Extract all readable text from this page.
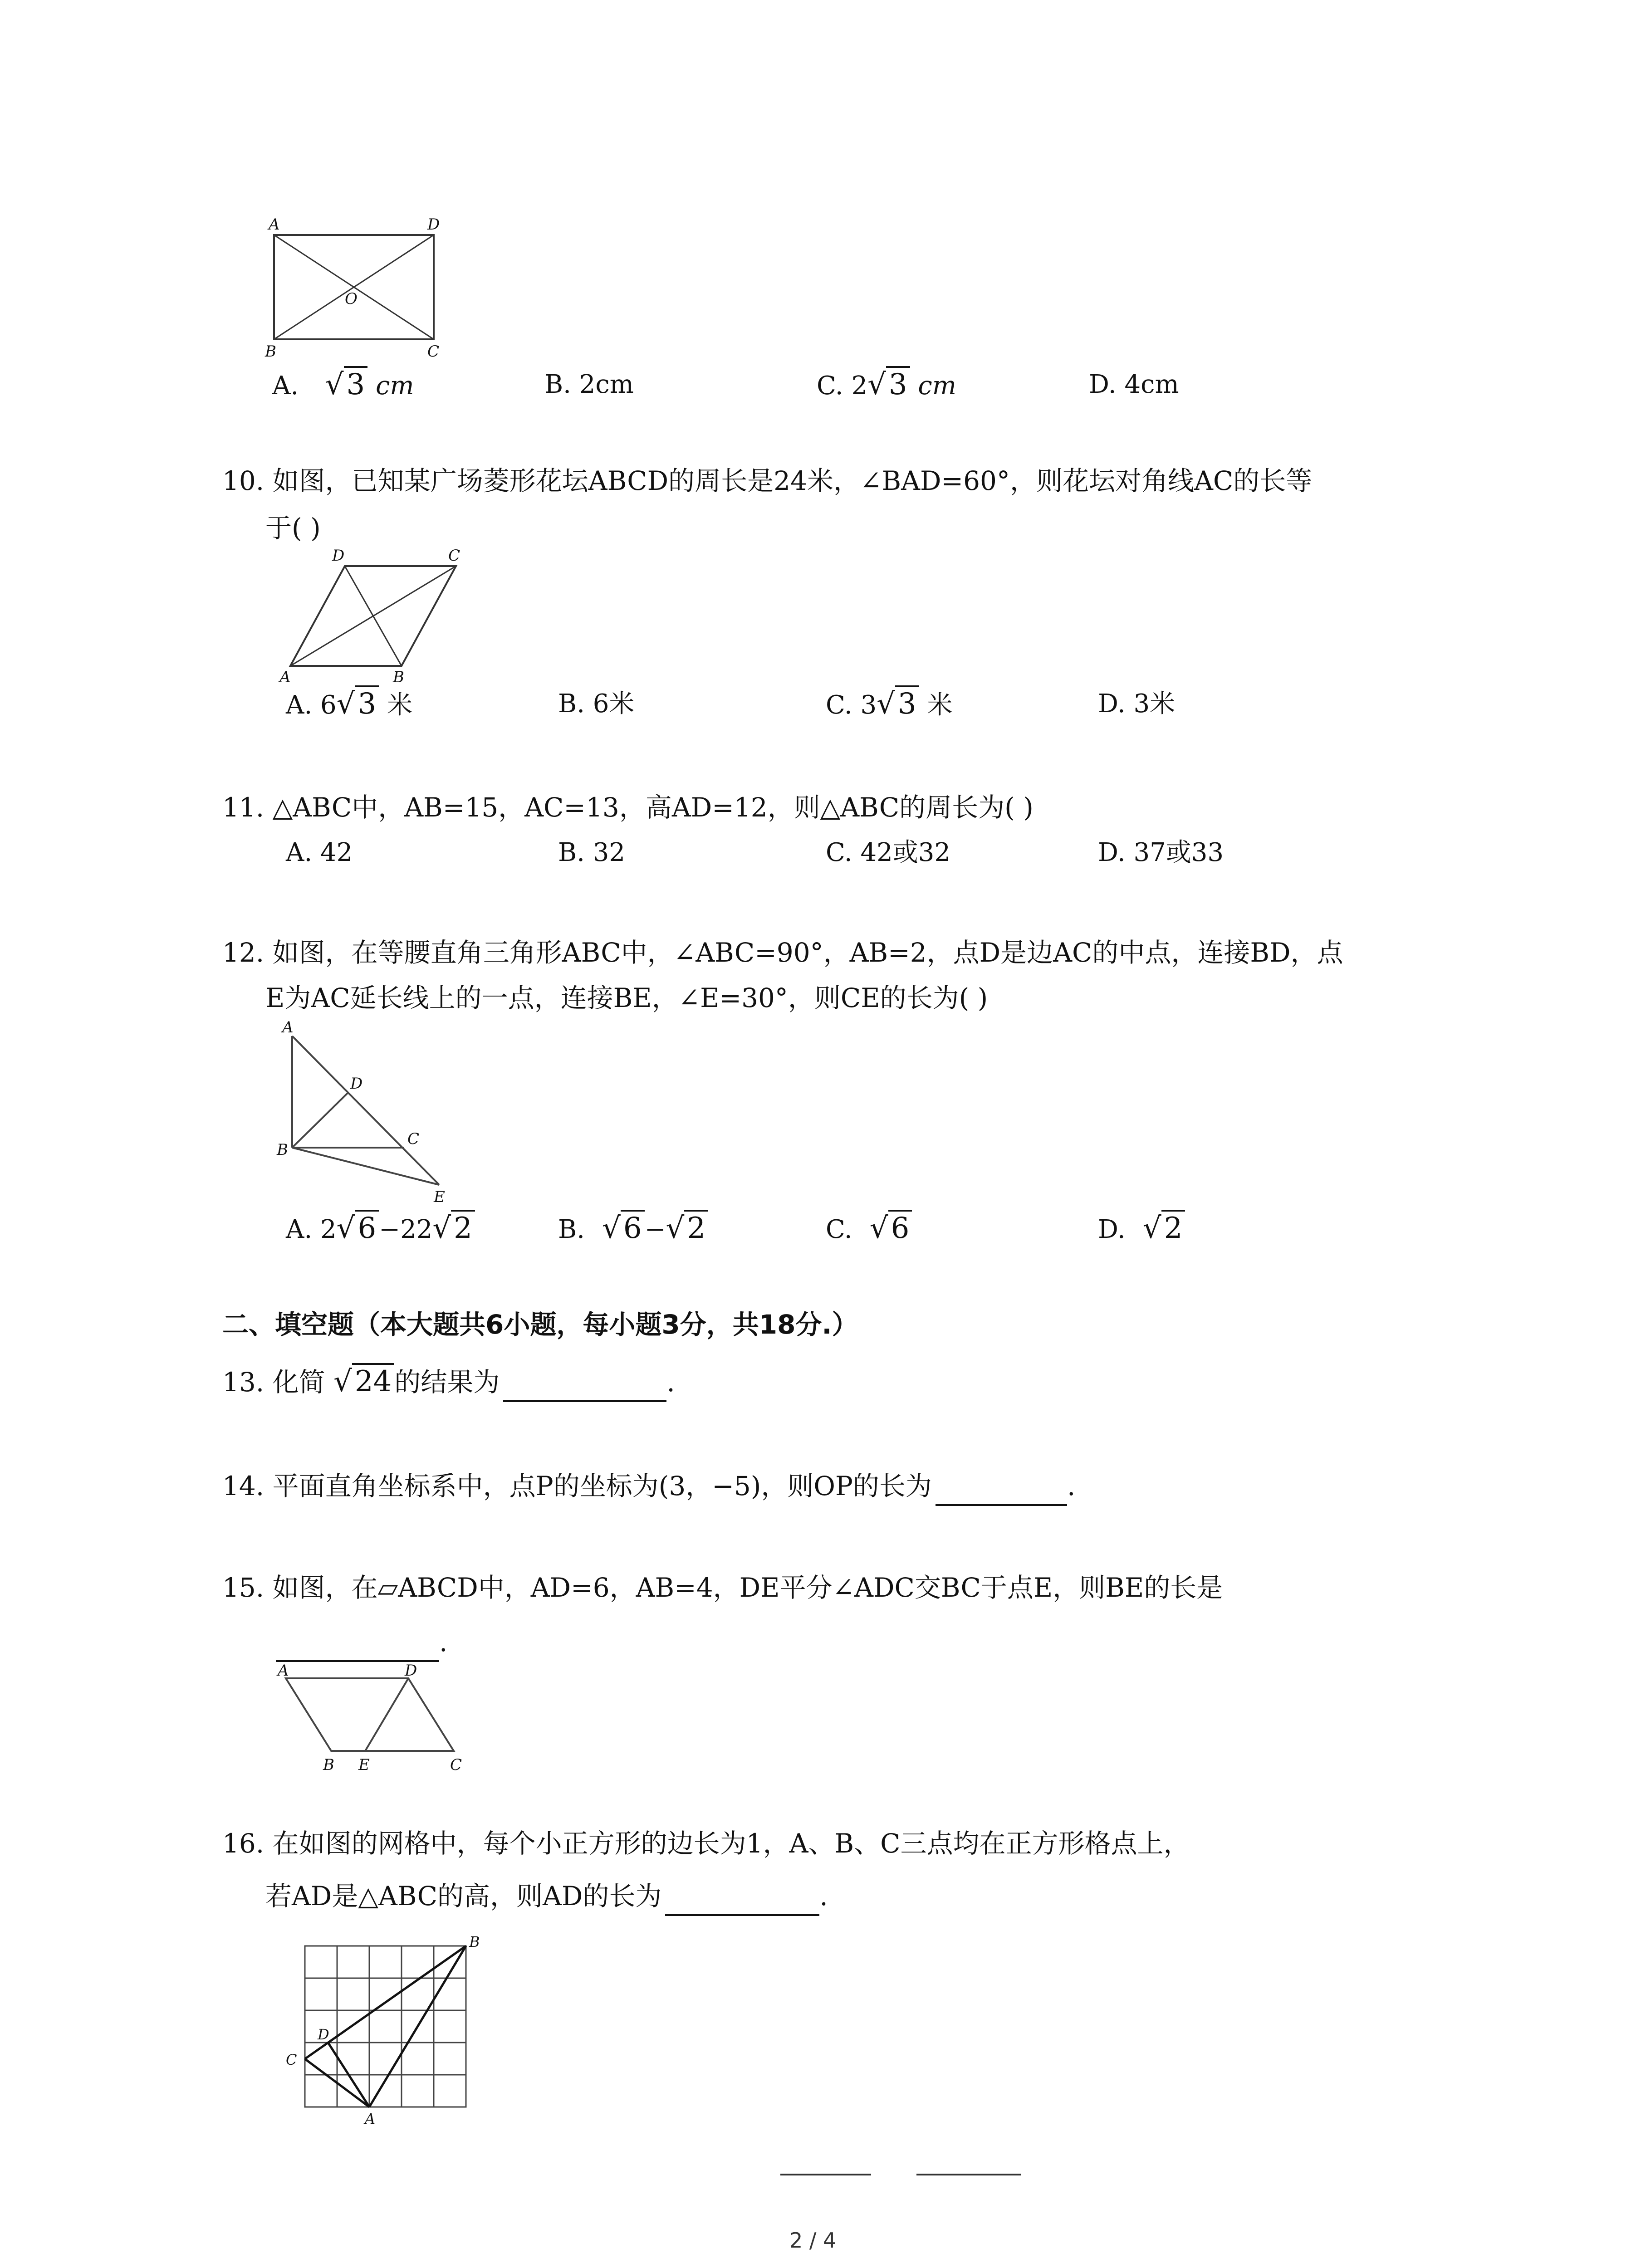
A	D
O
B	C
A.   √3 cm	B. 2cm	C. 2√3 cm	D. 4cm
10. 如图，已知某广场菱形花坛ABCD的周长是24米，∠BAD=60°，则花坛对角线AC的长等
于( )
D	C
A	B
A. 6√3 米	B. 6米	C. 3√3 米	D. 3米
11. △ABC中，AB=15，AC=13，高AD=12，则△ABC的周长为( )
A. 42	B. 32	C. 42或32	D. 37或33
12. 如图，在等腰直角三角形ABC中，∠ABC=90°，AB=2，点D是边AC的中点，连接BD，点
E为AC延长线上的一点，连接BE，∠E=30°，则CE的长为( )
A
D
B
C
E
A. 2√6 −22√2	B.  √6 −√2	C.  √6	D.  √2
二、填空题（本大题共6小题，每小题3分，共18分.）
13. 化简 √24 的结果为	.
14. 平面直角坐标系中，点P的坐标为(3，−5)，则OP的长为	.
15. 如图，在▱ABCD中，AD=6，AB=4，DE平分∠ADC交BC于点E，则BE的长是
.
A	D
B E	C
16. 在如图的网格中，每个小正方形的边长为1，A、B、C三点均在正方形格点上，
若AD是△ABC的高，则AD的长为	.
B
D
C
A
2 / 4
